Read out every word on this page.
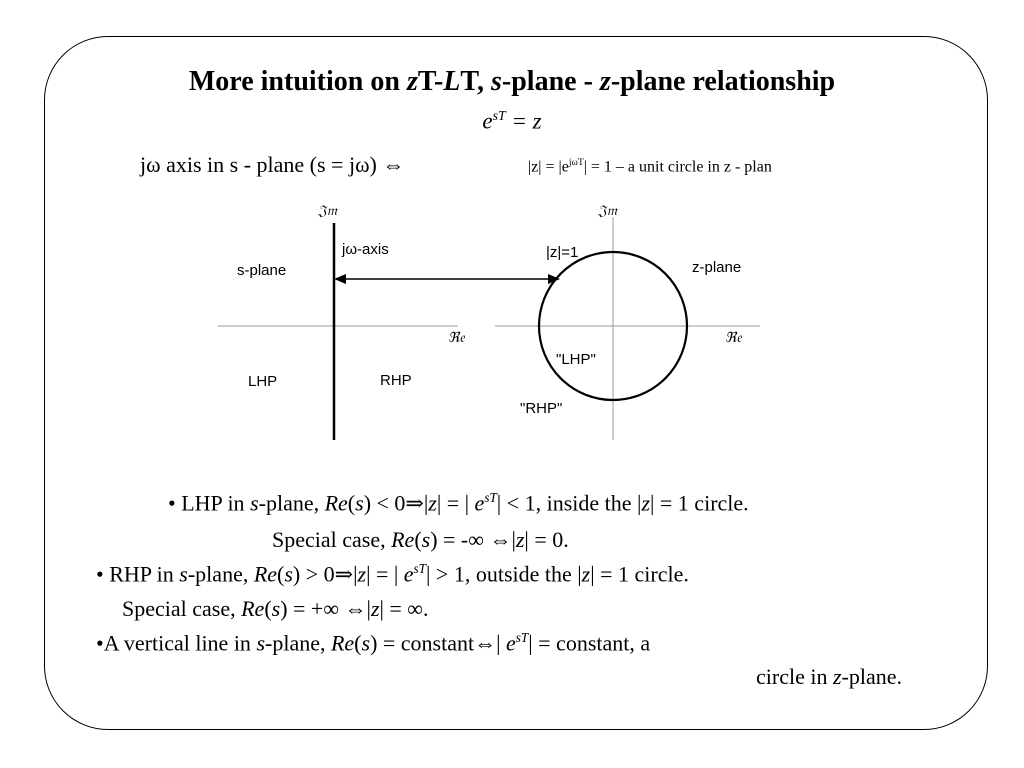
More intuition on zT-LT, s-plane - z-plane relationship
$e^{sT} = z$
jω axis in s - plane (s = jω) ⇔	$|z| = |e^{j\omega T}| = 1 - a$ unit circle in z - plan
𝔍𝔪	𝔍𝔪
ℜ𝔢	ℜ𝔢
jω-axis
s-plane	z-plane
|z|=1
LHP	RHP
"LHP"
"RHP"
• LHP in s-plane, Re(s) < 0⇒|z| = | $e^{sT}| < 1$, inside the |z| = 1 circle.
Special case, Re(s) = -∞ ⇔|z| = 0.
• RHP in s-plane, Re(s) > 0⇒|z| = | $e^{sT}| > 1$, outside the |z| = 1 circle.
Special case, Re(s) = +∞ ⇔|z| = ∞.
•A vertical line in s-plane, Re(s) = constant⇔| $e^{sT}|$ = constant, a
circle in z-plane.
